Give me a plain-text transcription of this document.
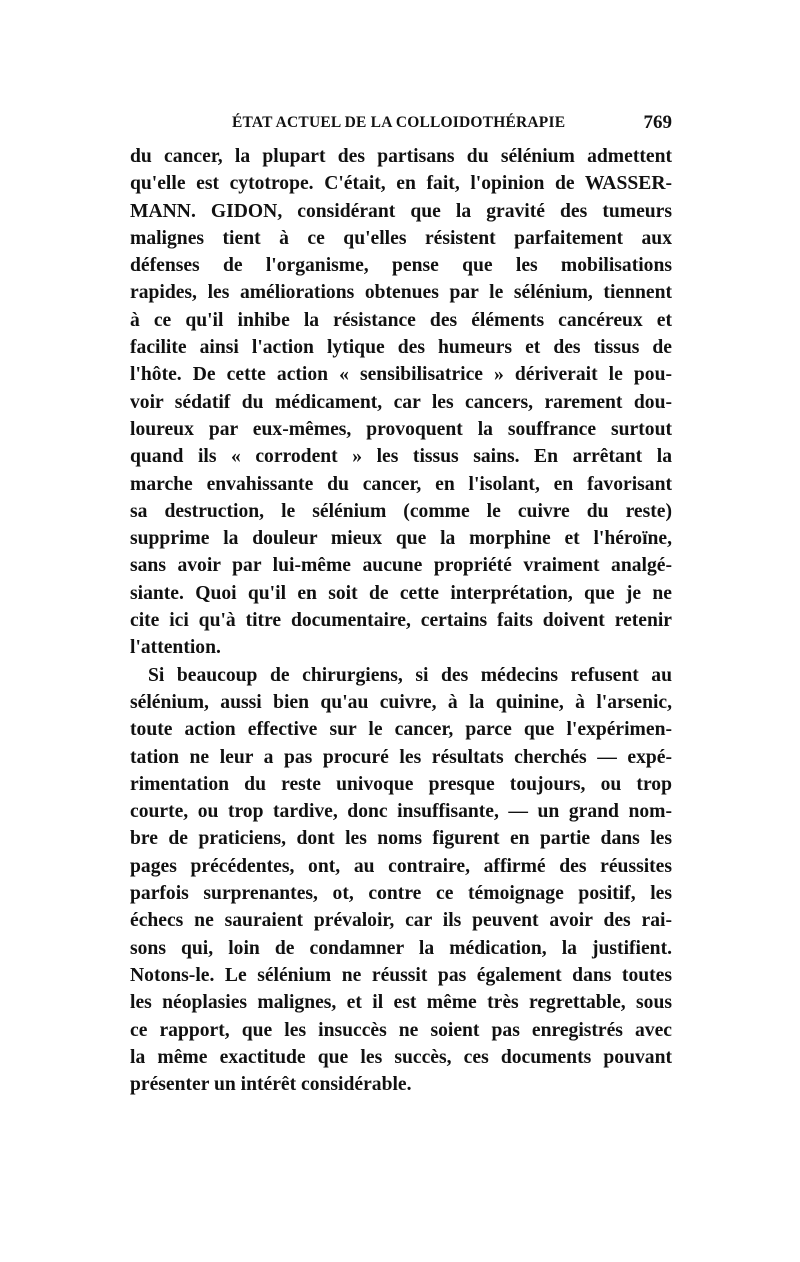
ÉTAT ACTUEL DE LA COLLOIDOTHÉRAPIE	769
du cancer, la plupart des partisans du sélénium admettent
qu'elle est cytotrope. C'était, en fait, l'opinion de WASSER-
MANN. GIDON, considérant que la gravité des tumeurs
malignes tient à ce qu'elles résistent parfaitement aux
défenses de l'organisme, pense que les mobilisations
rapides, les améliorations obtenues par le sélénium, tiennent
à ce qu'il inhibe la résistance des éléments cancéreux et
facilite ainsi l'action lytique des humeurs et des tissus de
l'hôte. De cette action « sensibilisatrice » dériverait le pou-
voir sédatif du médicament, car les cancers, rarement dou-
loureux par eux-mêmes, provoquent la souffrance surtout
quand ils « corrodent » les tissus sains. En arrêtant la
marche envahissante du cancer, en l'isolant, en favorisant
sa destruction, le sélénium (comme le cuivre du reste)
supprime la douleur mieux que la morphine et l'héroïne,
sans avoir par lui-même aucune propriété vraiment analgé-
siante. Quoi qu'il en soit de cette interprétation, que je ne
cite ici qu'à titre documentaire, certains faits doivent retenir
l'attention.
Si beaucoup de chirurgiens, si des médecins refusent au
sélénium, aussi bien qu'au cuivre, à la quinine, à l'arsenic,
toute action effective sur le cancer, parce que l'expérimen-
tation ne leur a pas procuré les résultats cherchés — expé-
rimentation du reste univoque presque toujours, ou trop
courte, ou trop tardive, donc insuffisante, — un grand nom-
bre de praticiens, dont les noms figurent en partie dans les
pages précédentes, ont, au contraire, affirmé des réussites
parfois surprenantes, ot, contre ce témoignage positif, les
échecs ne sauraient prévaloir, car ils peuvent avoir des rai-
sons qui, loin de condamner la médication, la justifient.
Notons-le. Le sélénium ne réussit pas également dans toutes
les néoplasies malignes, et il est même très regrettable, sous
ce rapport, que les insuccès ne soient pas enregistrés avec
la même exactitude que les succès, ces documents pouvant
présenter un intérêt considérable.
